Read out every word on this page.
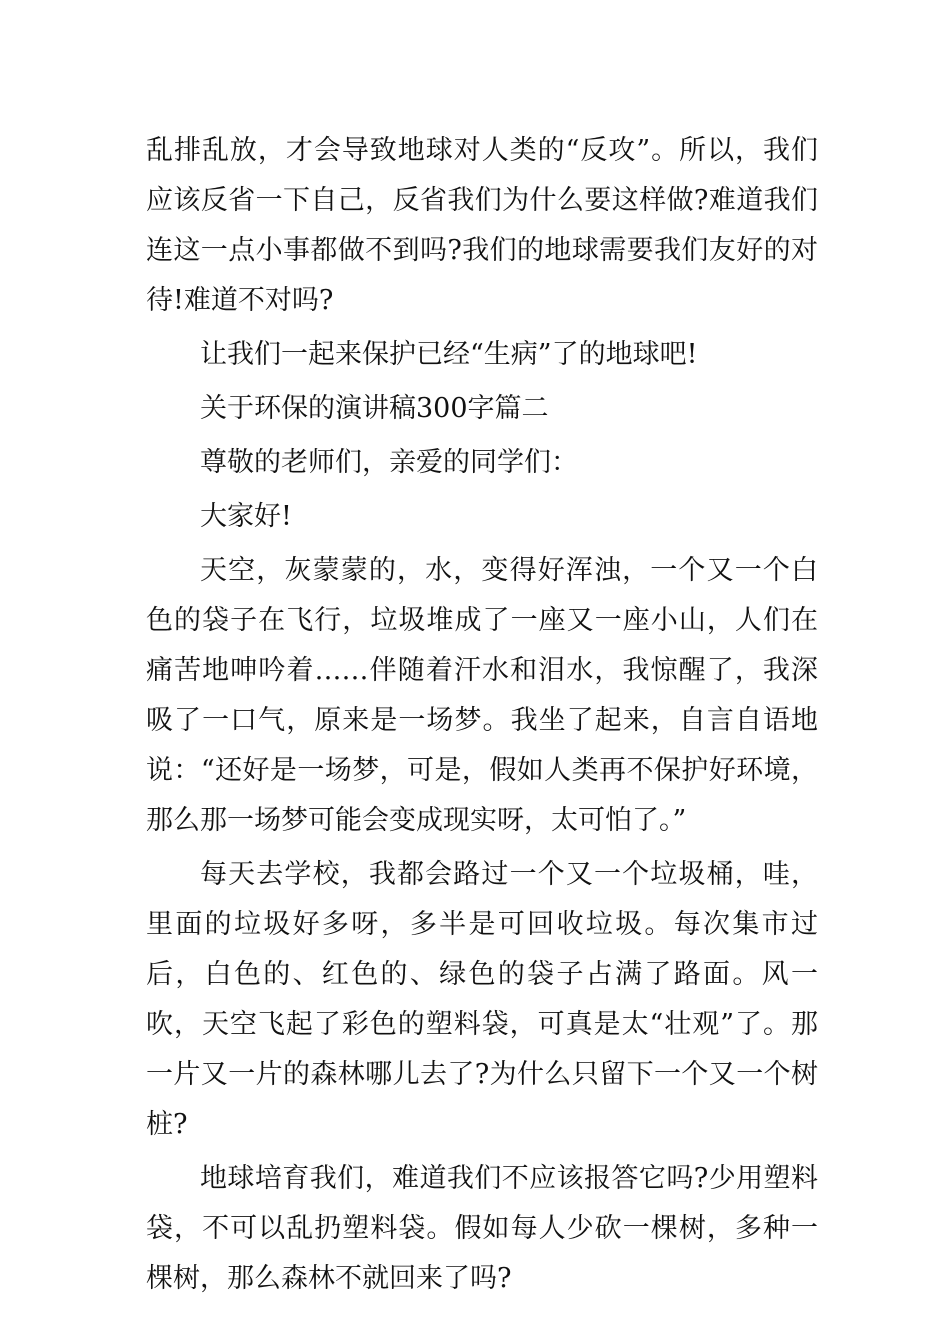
乱排乱放，才会导致地球对人类的“反攻”。所以，我们应该反省一下自己，反省我们为什么要这样做?难道我们连这一点小事都做不到吗?我们的地球需要我们友好的对待!难道不对吗?

让我们一起来保护已经“生病”了的地球吧!

关于环保的演讲稿300字篇二

尊敬的老师们，亲爱的同学们：

大家好!

天空，灰蒙蒙的，水，变得好浑浊，一个又一个白色的袋子在飞行，垃圾堆成了一座又一座小山，人们在痛苦地呻吟着……伴随着汗水和泪水，我惊醒了，我深吸了一口气，原来是一场梦。我坐了起来，自言自语地说：“还好是一场梦，可是，假如人类再不保护好环境，那么那一场梦可能会变成现实呀，太可怕了。”

每天去学校，我都会路过一个又一个垃圾桶，哇，里面的垃圾好多呀，多半是可回收垃圾。每次集市过后，白色的、红色的、绿色的袋子占满了路面。风一吹，天空飞起了彩色的塑料袋，可真是太“壮观”了。那一片又一片的森林哪儿去了?为什么只留下一个又一个树桩?

地球培育我们，难道我们不应该报答它吗?少用塑料袋，不可以乱扔塑料袋。假如每人少砍一棵树，多种一棵树，那么森林不就回来了吗?
